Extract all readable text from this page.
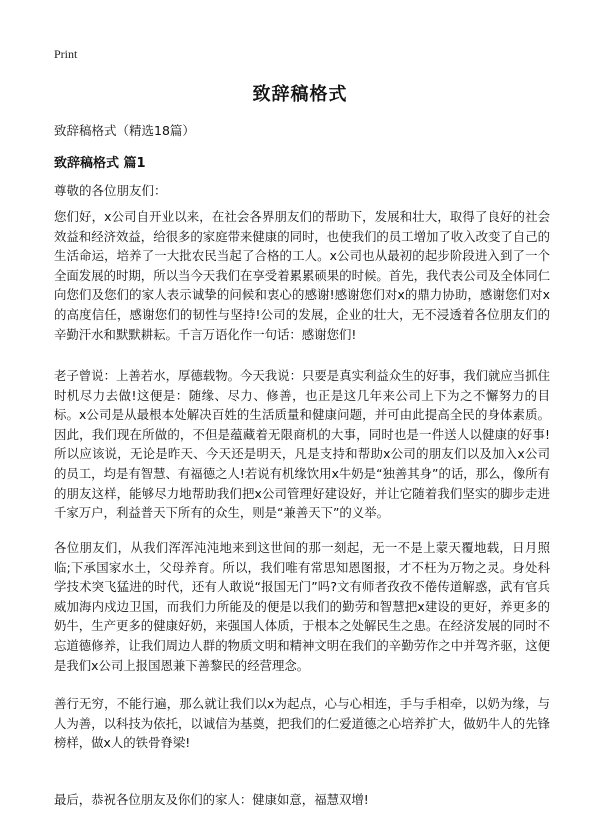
Print
致辞稿格式
致辞稿格式（精选18篇）
致辞稿格式 篇1
尊敬的各位朋友们：

您们好，x公司自开业以来，在社会各界朋友们的帮助下，发展和壮大，取得了良好的社会效益和经济效益，给很多的家庭带来健康的同时，也使我们的员工增加了收入改变了自己的生活命运，培养了一大批农民当起了合格的工人。x公司也从最初的起步阶段进入到了一个全面发展的时期，所以当今天我们在享受着累累硕果的时候。首先，我代表公司及全体同仁向您们及您们的家人表示诚挚的问候和衷心的感谢!感谢您们对x的鼎力协助，感谢您们对x的高度信任，感谢您们的韧性与坚持!公司的发展，企业的壮大，无不浸透着各位朋友们的辛勤汗水和默默耕耘。千言万语化作一句话：感谢您们!

老子曾说：上善若水，厚德载物。今天我说：只要是真实利益众生的好事，我们就应当抓住时机尽力去做!这便是：随缘、尽力、修善，也正是这几年来公司上下为之不懈努力的目标。x公司是从最根本处解决百姓的生活质量和健康问题，并可由此提高全民的身体素质。因此，我们现在所做的，不但是蕴藏着无限商机的大事，同时也是一件送人以健康的好事!所以应该说，无论是昨天、今天还是明天，凡是支持和帮助x公司的朋友们以及加入x公司的员工，均是有智慧、有福德之人!若说有机缘饮用x牛奶是“独善其身”的话，那么，像所有的朋友这样，能够尽力地帮助我们把x公司管理好建设好，并让它随着我们坚实的脚步走进千家万户，利益普天下所有的众生，则是“兼善天下”的义举。

各位朋友们，从我们浑浑沌沌地来到这世间的那一刻起，无一不是上蒙天覆地载，日月照临;下承国家水土，父母养育。所以，我们唯有常思知恩图报，才不枉为万物之灵。身处科学技术突飞猛进的时代，还有人敢说“报国无门”吗?文有师者孜孜不倦传道解惑，武有官兵威加海内戍边卫国，而我们力所能及的便是以我们的勤劳和智慧把x建设的更好，养更多的奶牛，生产更多的健康好奶，来强国人体质，于根本之处解民生之患。在经济发展的同时不忘道德修养，让我们周边人群的物质文明和精神文明在我们的辛勤劳作之中并驾齐驱，这便是我们x公司上报国恩兼下善黎民的经营理念。

善行无穷，不能行遍，那么就让我们以x为起点，心与心相连，手与手相牵，以奶为缘，与人为善，以科技为依托，以诚信为基奠，把我们的仁爱道德之心培养扩大，做奶牛人的先锋榜样，做x人的铁骨脊梁!

最后，恭祝各位朋友及你们的家人：健康如意，福慧双增!
